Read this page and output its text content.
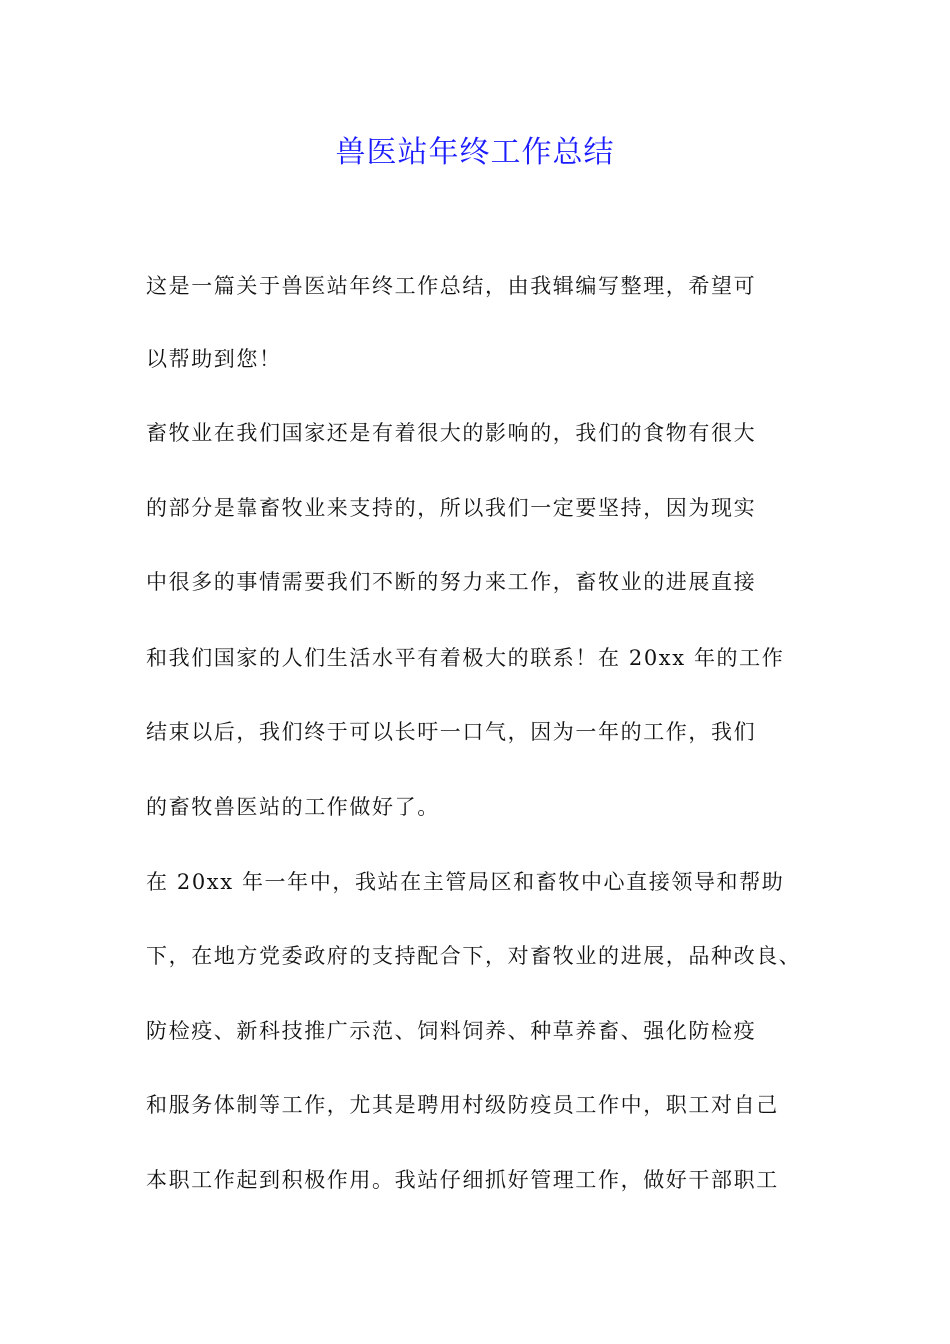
兽医站年终工作总结
这是一篇关于兽医站年终工作总结，由我辑编写整理，希望可
以帮助到您！
畜牧业在我们国家还是有着很大的影响的，我们的食物有很大
的部分是靠畜牧业来支持的，所以我们一定要坚持，因为现实
中很多的事情需要我们不断的努力来工作，畜牧业的进展直接
和我们国家的人们生活水平有着极大的联系！在 20xx 年的工作
结束以后，我们终于可以长吁一口气，因为一年的工作，我们
的畜牧兽医站的工作做好了。
在 20xx 年一年中，我站在主管局区和畜牧中心直接领导和帮助
下，在地方党委政府的支持配合下，对畜牧业的进展，品种改良、
防检疫、新科技推广示范、饲料饲养、种草养畜、强化防检疫
和服务体制等工作，尤其是聘用村级防疫员工作中，职工对自己
本职工作起到积极作用。我站仔细抓好管理工作，做好干部职工
